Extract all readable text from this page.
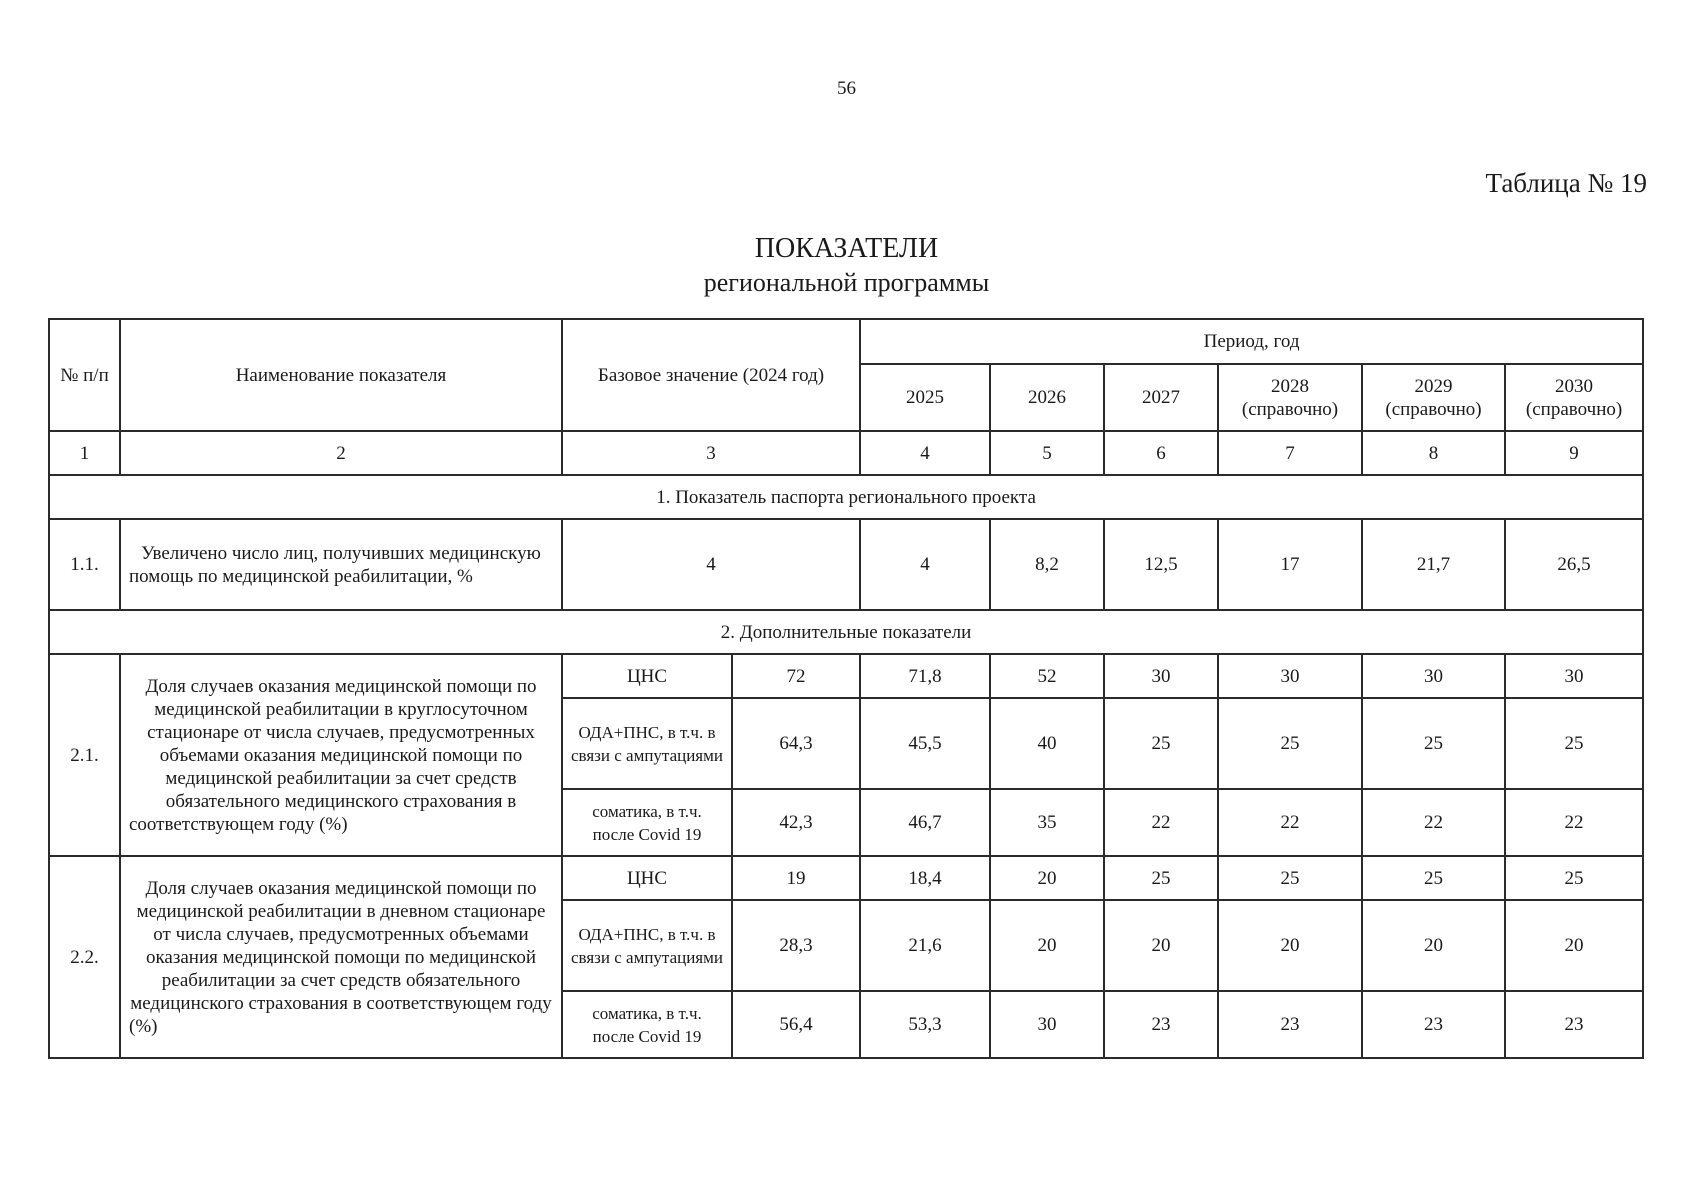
56
Таблица № 19
ПОКАЗАТЕЛИ
региональной программы
№ п/п	Наименование показателя	Базовое значение (2024 год)		Период, год					
				2025	2026	2027	2028 (справочно)	2029 (справочно)	2030 (справочно)
1	2	3		4	5	6	7	8	9
1. Показатель паспорта регионального проекта									
1.1.	Увеличено число лиц, получивших медицинскую помощь по медицинской реабилитации, %	4		4	8,2	12,5	17	21,7	26,5
2. Дополнительные показатели									
2.1.	Доля случаев оказания медицинской помощи по медицинской реабилитации в круглосуточном стационаре от числа случаев, предусмотренных объемами оказания медицинской помощи по медицинской реабилитации за счет средств обязательного медицинского страхования в соответствующем году (%)	ЦНС	72	71,8	52	30	30	30	30
		ОДА+ПНС, в т.ч. в связи с ампутациями	64,3	45,5	40	25	25	25	25
		соматика, в т.ч. после Covid 19	42,3	46,7	35	22	22	22	22
2.2.	Доля случаев оказания медицинской помощи по медицинской реабилитации в дневном стационаре от числа случаев, предусмотренных объемами оказания медицинской помощи по медицинской реабилитации за счет средств обязательного медицинского страхования в соответствующем году (%)	ЦНС	19	18,4	20	25	25	25	25
		ОДА+ПНС, в т.ч. в связи с ампутациями	28,3	21,6	20	20	20	20	20
		соматика, в т.ч. после Covid 19	56,4	53,3	30	23	23	23	23
